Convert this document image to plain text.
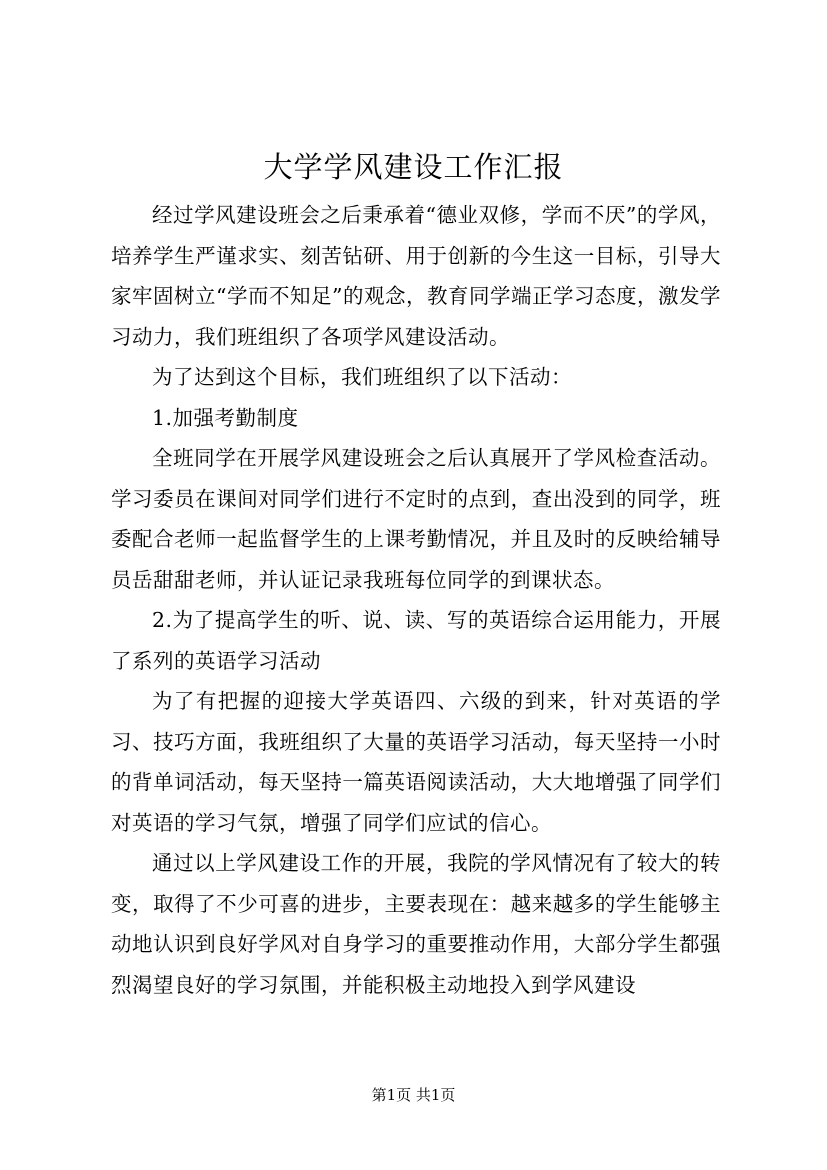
大学学风建设工作汇报

经过学风建设班会之后秉承着“德业双修，学而不厌”的学风，培养学生严谨求实、刻苦钻研、用于创新的今生这一目标，引导大家牢固树立“学而不知足”的观念，教育同学端正学习态度，激发学习动力，我们班组织了各项学风建设活动。

为了达到这个目标，我们班组织了以下活动：

1.加强考勤制度

全班同学在开展学风建设班会之后认真展开了学风检查活动。学习委员在课间对同学们进行不定时的点到，查出没到的同学，班委配合老师一起监督学生的上课考勤情况，并且及时的反映给辅导员岳甜甜老师，并认证记录我班每位同学的到课状态。

2.为了提高学生的听、说、读、写的英语综合运用能力，开展了系列的英语学习活动

为了有把握的迎接大学英语四、六级的到来，针对英语的学习、技巧方面，我班组织了大量的英语学习活动，每天坚持一小时的背单词活动，每天坚持一篇英语阅读活动，大大地增强了同学们对英语的学习气氛，增强了同学们应试的信心。

通过以上学风建设工作的开展，我院的学风情况有了较大的转变，取得了不少可喜的进步，主要表现在：越来越多的学生能够主动地认识到良好学风对自身学习的重要推动作用，大部分学生都强烈渴望良好的学习氛围，并能积极主动地投入到学风建设

第1页 共1页
